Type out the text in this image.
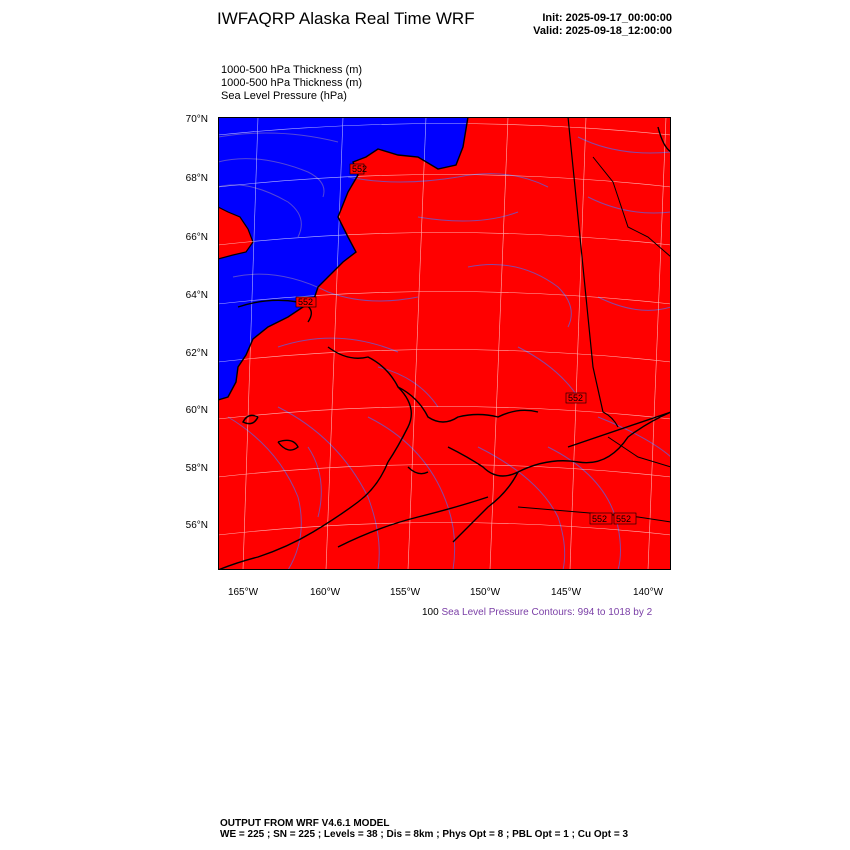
IWFAQRP Alaska Real Time WRF	Init: 2025-09-17_00:00:00
Valid: 2025-09-18_12:00:00
1000-500 hPa Thickness (m)
1000-500 hPa Thickness (m)
Sea Level Pressure (hPa)
552
552
552
552 552
70°N
68°N
66°N
64°N
62°N
60°N
58°N
56°N
165°W	160°W	155°W	150°W	145°W	140°W
100 Sea Level Pressure Contours: 994 to 1018 by 2
OUTPUT FROM WRF V4.6.1 MODEL
WE = 225 ; SN = 225 ; Levels = 38 ; Dis = 8km ; Phys Opt = 8 ; PBL Opt = 1 ; Cu Opt = 3
